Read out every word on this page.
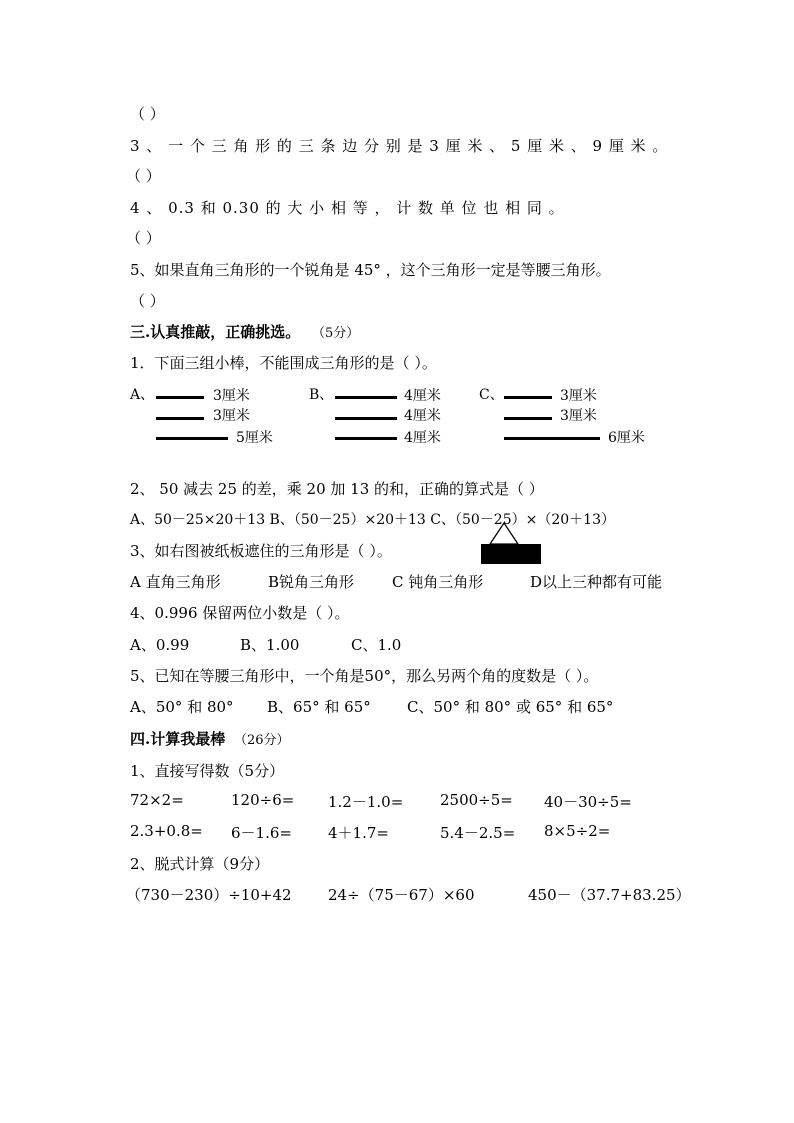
（ ）
3 、 一 个 三 角 形 的 三 条 边 分 别 是 3 厘 米 、 5 厘 米 、 9 厘 米 。
（ ）
4 、 0.3 和 0.30 的 大 小 相 等 ， 计 数 单 位 也 相 同 。
（ ）
5、如果直角三角形的一个锐角是 45° ，这个三角形一定是等腰三角形。
（ ）
三.认真推敲，正确挑选。 （5分）
1．下面三组小棒，不能围成三角形的是（ ）。
A、	3厘米
3厘米
5厘米
B、	4厘米
4厘米
4厘米
C、	3厘米
3厘米
6厘米
2、 50 减去 25 的差，乘 20 加 13 的和，正确的算式是（ ）
A、50－25×20＋13 B、（50－25）×20＋13 C、（50－25）×（20＋13）
3、如右图被纸板遮住的三角形是（ ）。
A 直角三角形	B锐角三角形	C 钝角三角形	D以上三种都有可能
4、0.996 保留两位小数是（ ）。
A、0.99	B、1.00	C、1.0
5、已知在等腰三角形中，一个角是50°，那么另两个角的度数是（ ）。
A、50° 和 80° B、65° 和 65° C、50° 和 80° 或 65° 和 65°
四.计算我最棒 （26分）
1、直接写得数（5分）
72×2=	120÷6= 1.2－1.0= 2500÷5= 40－30÷5=
2.3+0.8= 6－1.6= 4＋1.7=	5.4－2.5= 8×5÷2=
2、脱式计算（9分）
（730－230）÷10+42 24÷（75－67）×60	450－（37.7+83.25）
